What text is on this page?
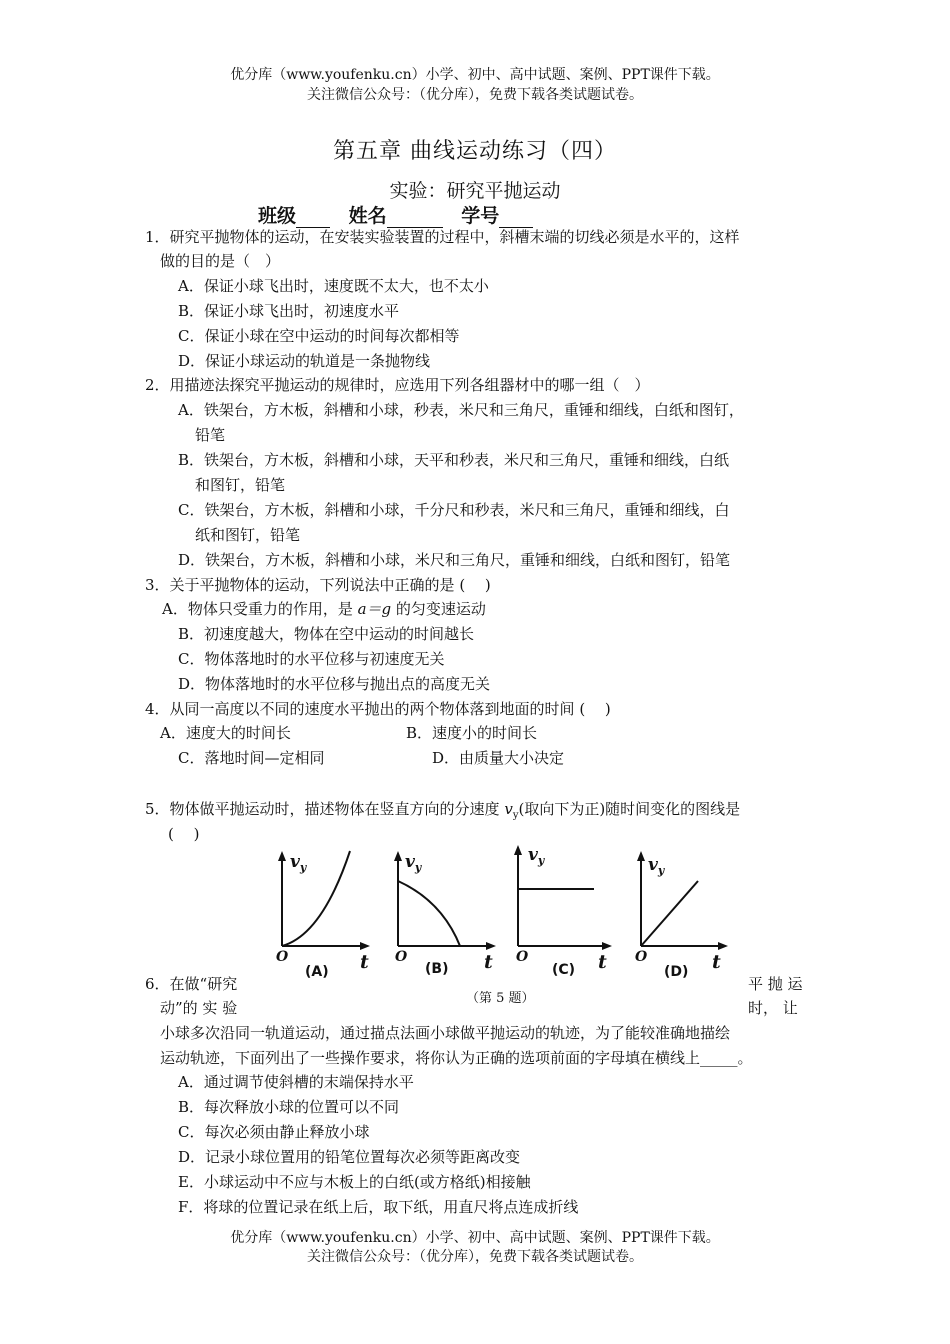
优分库（www.youfenku.cn）小学、初中、高中试题、案例、PPT课件下载。
关注微信公众号：（优分库），免费下载各类试题试卷。
第五章 曲线运动练习（四）
实验：研究平抛运动
班级	姓名	学号
1．研究平抛物体的运动，在安装实验装置的过程中，斜槽末端的切线必须是水平的，这样
做的目的是（　）
A．保证小球飞出时，速度既不太大，也不太小
B．保证小球飞出时，初速度水平
C．保证小球在空中运动的时间每次都相等
D．保证小球运动的轨道是一条抛物线
2．用描迹法探究平抛运动的规律时，应选用下列各组器材中的哪一组（　）
A．铁架台，方木板，斜槽和小球，秒表，米尺和三角尺，重锤和细线，白纸和图钉，
铅笔
B．铁架台，方木板，斜槽和小球，天平和秒表，米尺和三角尺，重锤和细线，白纸
和图钉，铅笔
C．铁架台，方木板，斜槽和小球，千分尺和秒表，米尺和三角尺，重锤和细线，白
纸和图钉，铅笔
D．铁架台，方木板，斜槽和小球，米尺和三角尺，重锤和细线，白纸和图钉，铅笔
3．关于平抛物体的运动，下列说法中正确的是 (　 )
A．物体只受重力的作用，是 a＝g 的匀变速运动
B．初速度越大，物体在空中运动的时间越长
C．物体落地时的水平位移与初速度无关
D．物体落地时的水平位移与抛出点的高度无关
4．从同一高度以不同的速度水平抛出的两个物体落到地面的时间 (　 )
A．速度大的时间长	B．速度小的时间长
C．落地时间—定相同	D．由质量大小决定
5．物体做平抛运动时，描述物体在竖直方向的分速度 $v_y$(取向下为正)随时间变化的图线是
(　 )
$v_y$	$v_y$
$v_y$	$v_y$
t	t	t	t
O	O	O	O
(A)	(B)	(C)	(D)
（第 5 题）
6．在做“研究	平 抛 运
动”的 实 验	时， 让
小球多次沿同一轨道运动，通过描点法画小球做平抛运动的轨迹，为了能较准确地描绘
运动轨迹，下面列出了一些操作要求，将你认为正确的选项前面的字母填在横线上_____。
A．通过调节使斜槽的末端保持水平
B．每次释放小球的位置可以不同
C．每次必须由静止释放小球
D．记录小球位置用的铅笔位置每次必须等距离改变
E．小球运动中不应与木板上的白纸(或方格纸)相接触
F．将球的位置记录在纸上后，取下纸，用直尺将点连成折线
优分库（www.youfenku.cn）小学、初中、高中试题、案例、PPT课件下载。
关注微信公众号：（优分库），免费下载各类试题试卷。
